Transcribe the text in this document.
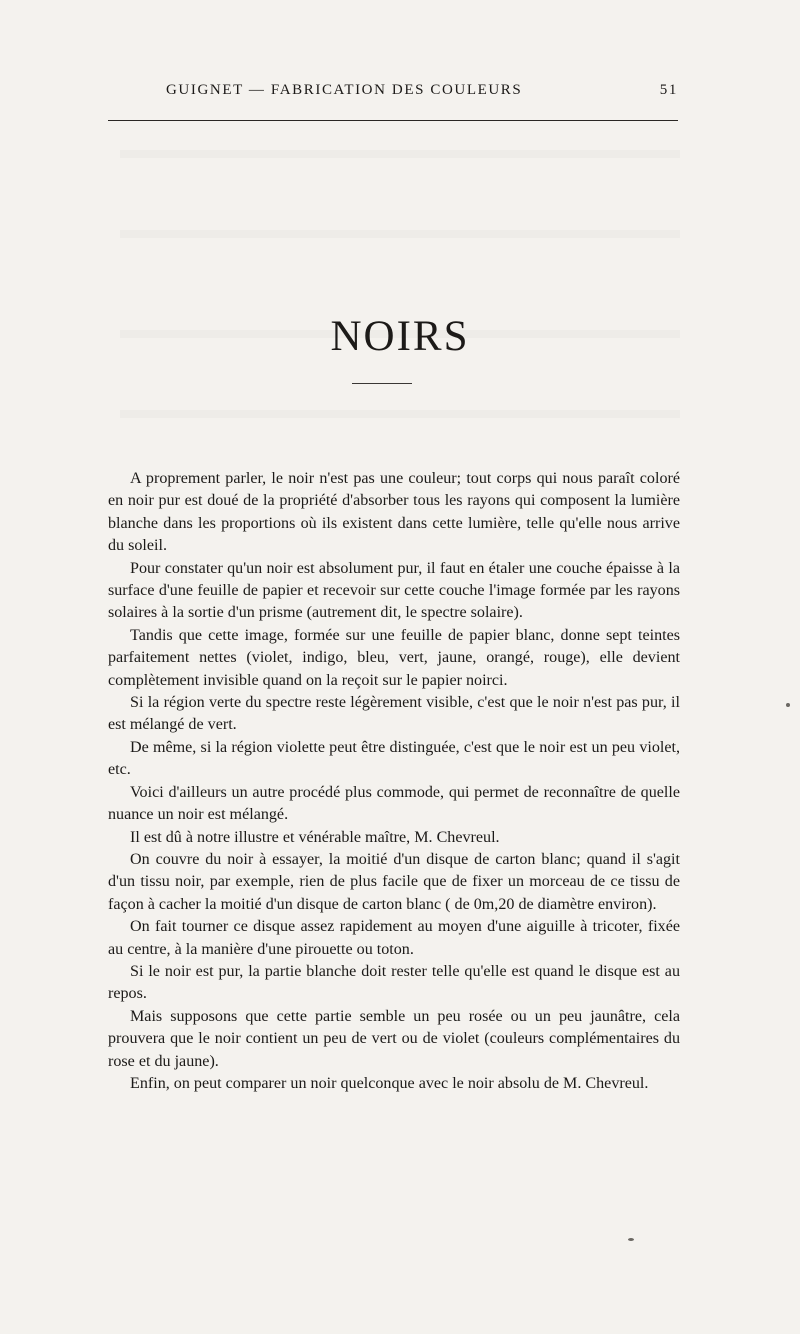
GUIGNET — FABRICATION DES COULEURS	51
NOIRS

A proprement parler, le noir n'est pas une couleur; tout corps qui nous paraît coloré en noir pur est doué de la propriété d'absorber tous les rayons qui composent la lumière blanche dans les proportions où ils existent dans cette lumière, telle qu'elle nous arrive du soleil.

Pour constater qu'un noir est absolument pur, il faut en étaler une couche épaisse à la surface d'une feuille de papier et recevoir sur cette couche l'image formée par les rayons solaires à la sortie d'un prisme (autrement dit, le spectre solaire).

Tandis que cette image, formée sur une feuille de papier blanc, donne sept teintes parfaitement nettes (violet, indigo, bleu, vert, jaune, orangé, rouge), elle devient complètement invisible quand on la reçoit sur le papier noirci.

Si la région verte du spectre reste légèrement visible, c'est que le noir n'est pas pur, il est mélangé de vert.

De même, si la région violette peut être distinguée, c'est que le noir est un peu violet, etc.

Voici d'ailleurs un autre procédé plus commode, qui permet de reconnaître de quelle nuance un noir est mélangé.

Il est dû à notre illustre et vénérable maître, M. Chevreul.

On couvre du noir à essayer, la moitié d'un disque de carton blanc; quand il s'agit d'un tissu noir, par exemple, rien de plus facile que de fixer un morceau de ce tissu de façon à cacher la moitié d'un disque de carton blanc ( de 0m,20 de diamètre environ).

On fait tourner ce disque assez rapidement au moyen d'une aiguille à tricoter, fixée au centre, à la manière d'une pirouette ou toton.

Si le noir est pur, la partie blanche doit rester telle qu'elle est quand le disque est au repos.

Mais supposons que cette partie semble un peu rosée ou un peu jaunâtre, cela prouvera que le noir contient un peu de vert ou de violet (couleurs complémentaires du rose et du jaune).

Enfin, on peut comparer un noir quelconque avec le noir absolu de M. Chevreul.
